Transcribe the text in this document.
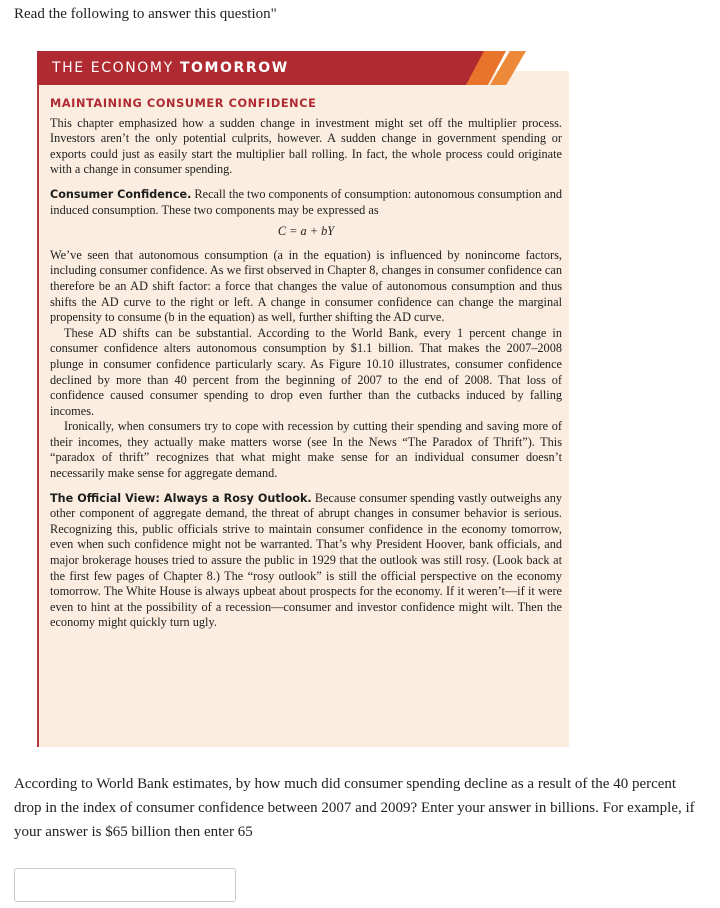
Read the following to answer this question"
THE ECONOMY TOMORROW
MAINTAINING CONSUMER CONFIDENCE

This chapter emphasized how a sudden change in investment might set off the multiplier process. Investors aren’t the only potential culprits, however. A sudden change in government spending or exports could just as easily start the multiplier ball rolling. In fact, the whole process could originate with a change in consumer spending.

Consumer Confidence. Recall the two components of consumption: autonomous consumption and induced consumption. These two components may be expressed as

C = a + bY

We’ve seen that autonomous consumption (a in the equation) is influenced by nonincome factors, including consumer confidence. As we first observed in Chapter 8, changes in consumer confidence can therefore be an AD shift factor: a force that changes the value of autonomous consumption and thus shifts the AD curve to the right or left. A change in consumer confidence can change the marginal propensity to consume (b in the equation) as well, further shifting the AD curve.

These AD shifts can be substantial. According to the World Bank, every 1 percent change in consumer confidence alters autonomous consumption by $1.1 billion. That makes the 2007–2008 plunge in consumer confidence particularly scary. As Figure 10.10 illustrates, consumer confidence declined by more than 40 percent from the beginning of 2007 to the end of 2008. That loss of confidence caused consumer spending to drop even further than the cutbacks induced by falling incomes.

Ironically, when consumers try to cope with recession by cutting their spending and saving more of their incomes, they actually make matters worse (see In the News “The Paradox of Thrift”). This “paradox of thrift” recognizes that what might make sense for an individual consumer doesn’t necessarily make sense for aggregate demand.

The Official View: Always a Rosy Outlook. Because consumer spending vastly outweighs any other component of aggregate demand, the threat of abrupt changes in consumer behavior is serious. Recognizing this, public officials strive to maintain consumer confidence in the economy tomorrow, even when such confidence might not be warranted. That’s why President Hoover, bank officials, and major brokerage houses tried to assure the public in 1929 that the outlook was still rosy. (Look back at the first few pages of Chapter 8.) The “rosy outlook” is still the official perspective on the economy tomorrow. The White House is always upbeat about prospects for the economy. If it weren’t—if it were even to hint at the possibility of a recession—consumer and investor confidence might wilt. Then the economy might quickly turn ugly.

According to World Bank estimates, by how much did consumer spending decline as a result of the 40 percent drop in the index of consumer confidence between 2007 and 2009? Enter your answer in billions. For example, if your answer is $65 billion then enter 65
